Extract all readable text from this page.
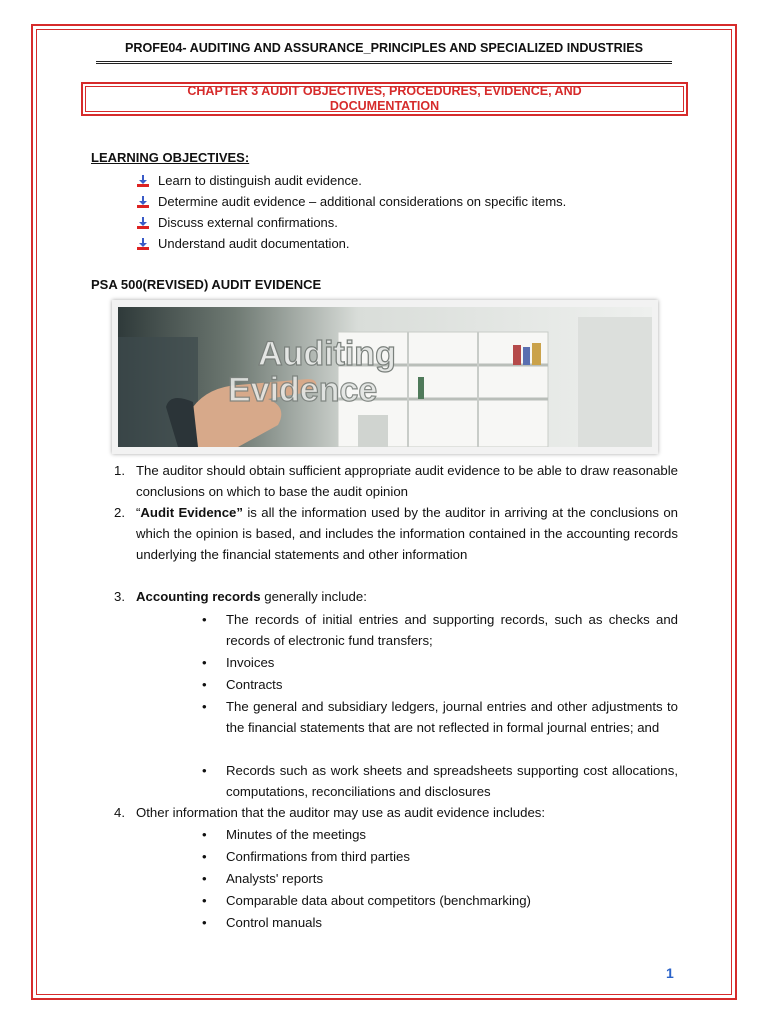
PROFE04- AUDITING AND ASSURANCE_PRINCIPLES AND SPECIALIZED INDUSTRIES
CHAPTER 3 AUDIT OBJECTIVES, PROCEDURES, EVIDENCE, AND DOCUMENTATION
LEARNING OBJECTIVES:
Learn to distinguish audit evidence.
Determine audit evidence – additional considerations on specific items.
Discuss external confirmations.
Understand audit documentation.
PSA 500(REVISED) AUDIT EVIDENCE
Auditing
Evidence
1. The auditor should obtain sufficient appropriate audit evidence to be able to draw reasonable conclusions on which to base the audit opinion
2. “Audit Evidence” is all the information used by the auditor in arriving at the conclusions on which the opinion is based, and includes the information contained in the accounting records underlying the financial statements and other information
3. Accounting records generally include:
• The records of initial entries and supporting records, such as checks and records of electronic fund transfers;
• Invoices
• Contracts
• The general and subsidiary ledgers, journal entries and other adjustments to the financial statements that are not reflected in formal journal entries; and
• Records such as work sheets and spreadsheets supporting cost allocations, computations, reconciliations and disclosures
4. Other information that the auditor may use as audit evidence includes:
• Minutes of the meetings
• Confirmations from third parties
• Analysts' reports
• Comparable data about competitors (benchmarking)
• Control manuals
1
